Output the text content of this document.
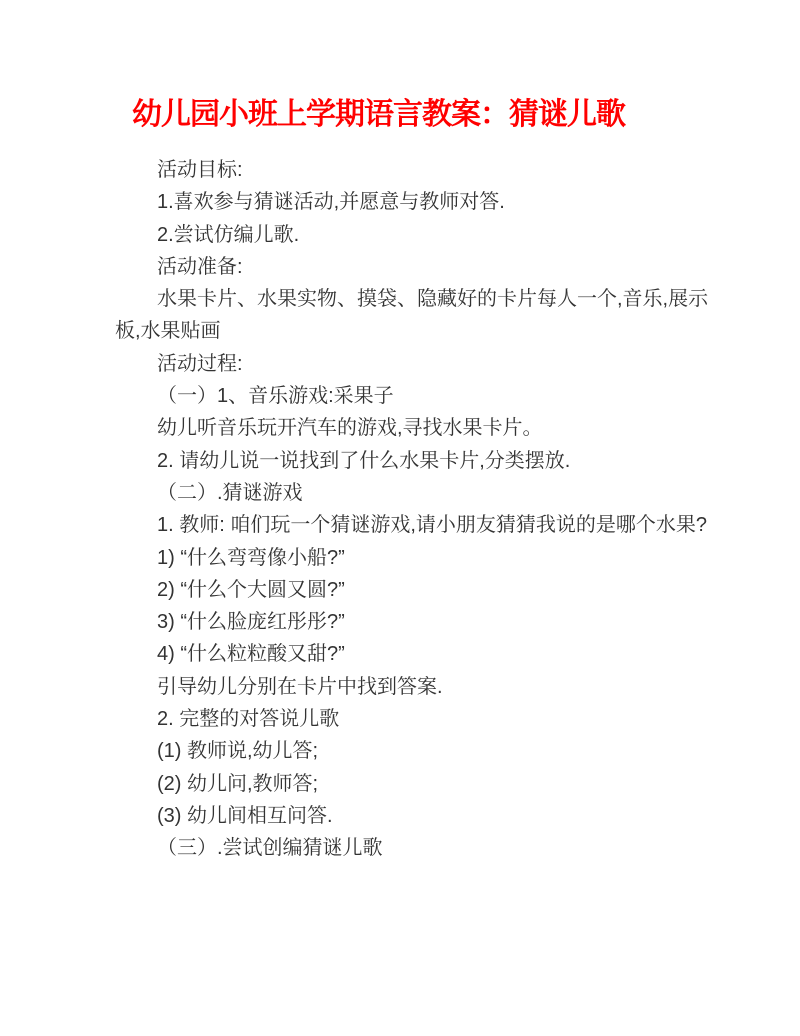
幼儿园小班上学期语言教案：猜谜儿歌

活动目标:

1.喜欢参与猜谜活动,并愿意与教师对答.

2.尝试仿编儿歌.

活动准备:

水果卡片、水果实物、摸袋、隐藏好的卡片每人一个,音乐,展示板,水果贴画

活动过程:

（一）1、音乐游戏:采果子

幼儿听音乐玩开汽车的游戏,寻找水果卡片。

2. 请幼儿说一说找到了什么水果卡片,分类摆放.

（二）.猜谜游戏

1. 教师: 咱们玩一个猜谜游戏,请小朋友猜猜我说的是哪个水果?

1) “什么弯弯像小船?”

2) “什么个大圆又圆?”

3) “什么脸庞红彤彤?”

4) “什么粒粒酸又甜?”

引导幼儿分别在卡片中找到答案.

2. 完整的对答说儿歌

(1) 教师说,幼儿答;

(2) 幼儿问,教师答;

(3) 幼儿间相互问答.

（三）.尝试创编猜谜儿歌
